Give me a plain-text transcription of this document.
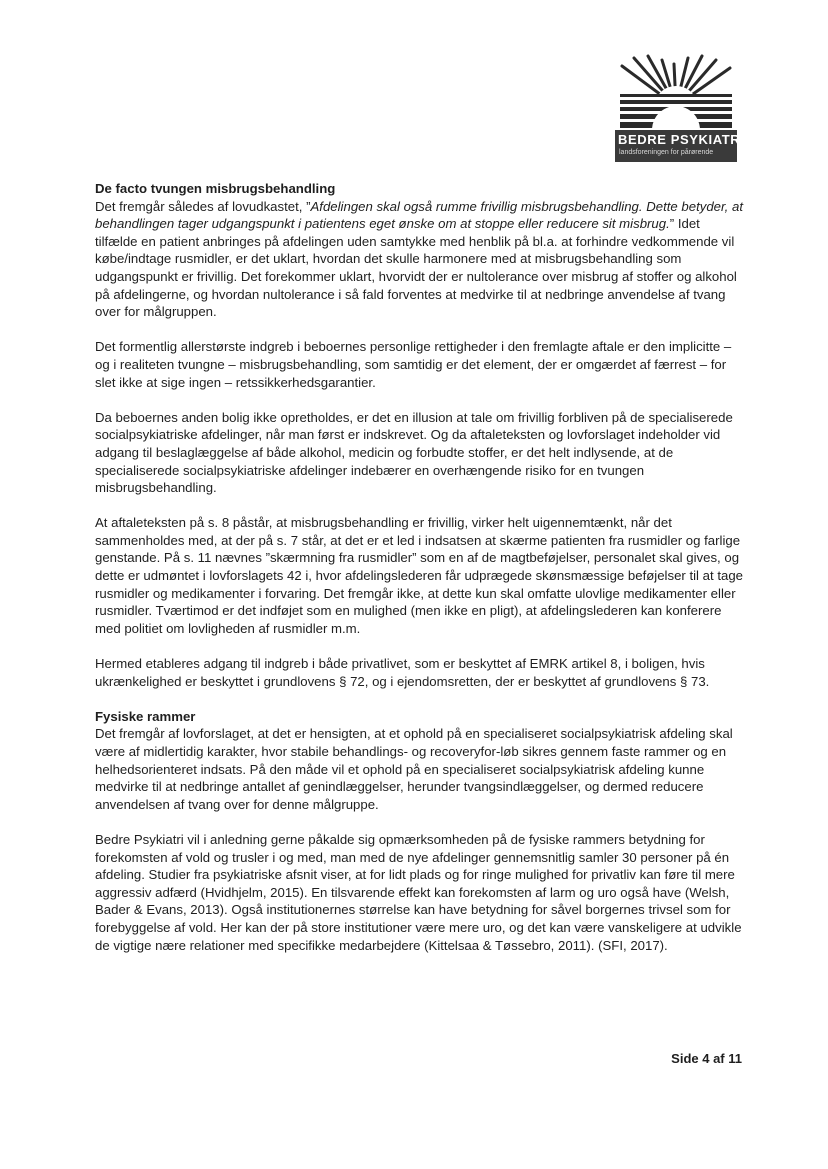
BEDRE PSYKIATRI
landsforeningen for pårørende

De facto tvungen misbrugsbehandling
Det fremgår således af lovudkastet, ”Afdelingen skal også rumme frivillig misbrugsbehandling. Dette betyder, at behandlingen tager udgangspunkt i patientens eget ønske om at stoppe eller reducere sit misbrug.” Idet tilfælde en patient anbringes på afdelingen uden samtykke med henblik på bl.a. at forhindre vedkommende vil købe/indtage rusmidler, er det uklart, hvordan det skulle harmonere med at misbrugsbehandling som udgangspunkt er frivillig. Det forekommer uklart, hvorvidt der er nultolerance over misbrug af stoffer og alkohol på afdelingerne, og hvordan nultolerance i så fald forventes at medvirke til at nedbringe anvendelse af tvang over for målgruppen.

Det formentlig allerstørste indgreb i beboernes personlige rettigheder i den fremlagte aftale er den implicitte – og i realiteten tvungne – misbrugsbehandling, som samtidig er det element, der er omgærdet af færrest – for slet ikke at sige ingen – retssikkerhedsgarantier.

Da beboernes anden bolig ikke opretholdes, er det en illusion at tale om frivillig forbliven på de specialiserede socialpsykiatriske afdelinger, når man først er indskrevet. Og da aftaleteksten og lovforslaget indeholder vid adgang til beslaglæggelse af både alkohol, medicin og forbudte stoffer, er det helt indlysende, at de specialiserede socialpsykiatriske afdelinger indebærer en overhængende risiko for en tvungen misbrugsbehandling.

At aftaleteksten på s. 8 påstår, at misbrugsbehandling er frivillig, virker helt uigennemtænkt, når det sammenholdes med, at der på s. 7 står, at det er et led i indsatsen at skærme patienten fra rusmidler og farlige genstande. På s. 11 nævnes ”skærmning fra rusmidler” som en af de magtbeføjelser, personalet skal gives, og dette er udmøntet i lovforslagets 42 i, hvor afdelingslederen får udprægede skønsmæssige beføjelser til at tage rusmidler og medikamenter i forvaring. Det fremgår ikke, at dette kun skal omfatte ulovlige medikamenter eller rusmidler. Tværtimod er det indføjet som en mulighed (men ikke en pligt), at afdelingslederen kan konferere med politiet om lovligheden af rusmidler m.m.

Hermed etableres adgang til indgreb i både privatlivet, som er beskyttet af EMRK artikel 8, i boligen, hvis ukrænkelighed er beskyttet i grundlovens § 72, og i ejendomsretten, der er beskyttet af grundlovens § 73.

Fysiske rammer
Det fremgår af lovforslaget, at det er hensigten, at et ophold på en specialiseret socialpsykiatrisk afdeling skal være af midlertidig karakter, hvor stabile behandlings- og recoveryfor-løb sikres gennem faste rammer og en helhedsorienteret indsats. På den måde vil et ophold på en specialiseret socialpsykiatrisk afdeling kunne medvirke til at nedbringe antallet af genindlæggelser, herunder tvangsindlæggelser, og dermed reducere anvendelsen af tvang over for denne målgruppe.

Bedre Psykiatri vil i anledning gerne påkalde sig opmærksomheden på de fysiske rammers betydning for forekomsten af vold og trusler i og med, man med de nye afdelinger gennemsnitlig samler 30 personer på én afdeling. Studier fra psykiatriske afsnit viser, at for lidt plads og for ringe mulighed for privatliv kan føre til mere aggressiv adfærd (Hvidhjelm, 2015). En tilsvarende effekt kan forekomsten af larm og uro også have (Welsh, Bader & Evans, 2013). Også institutionernes størrelse kan have betydning for såvel borgernes trivsel som for forebyggelse af vold. Her kan der på store institutioner være mere uro, og det kan være vanskeligere at udvikle de vigtige nære relationer med specifikke medarbejdere (Kittelsaa & Tøssebro, 2011). (SFI, 2017).

Side 4 af 11
